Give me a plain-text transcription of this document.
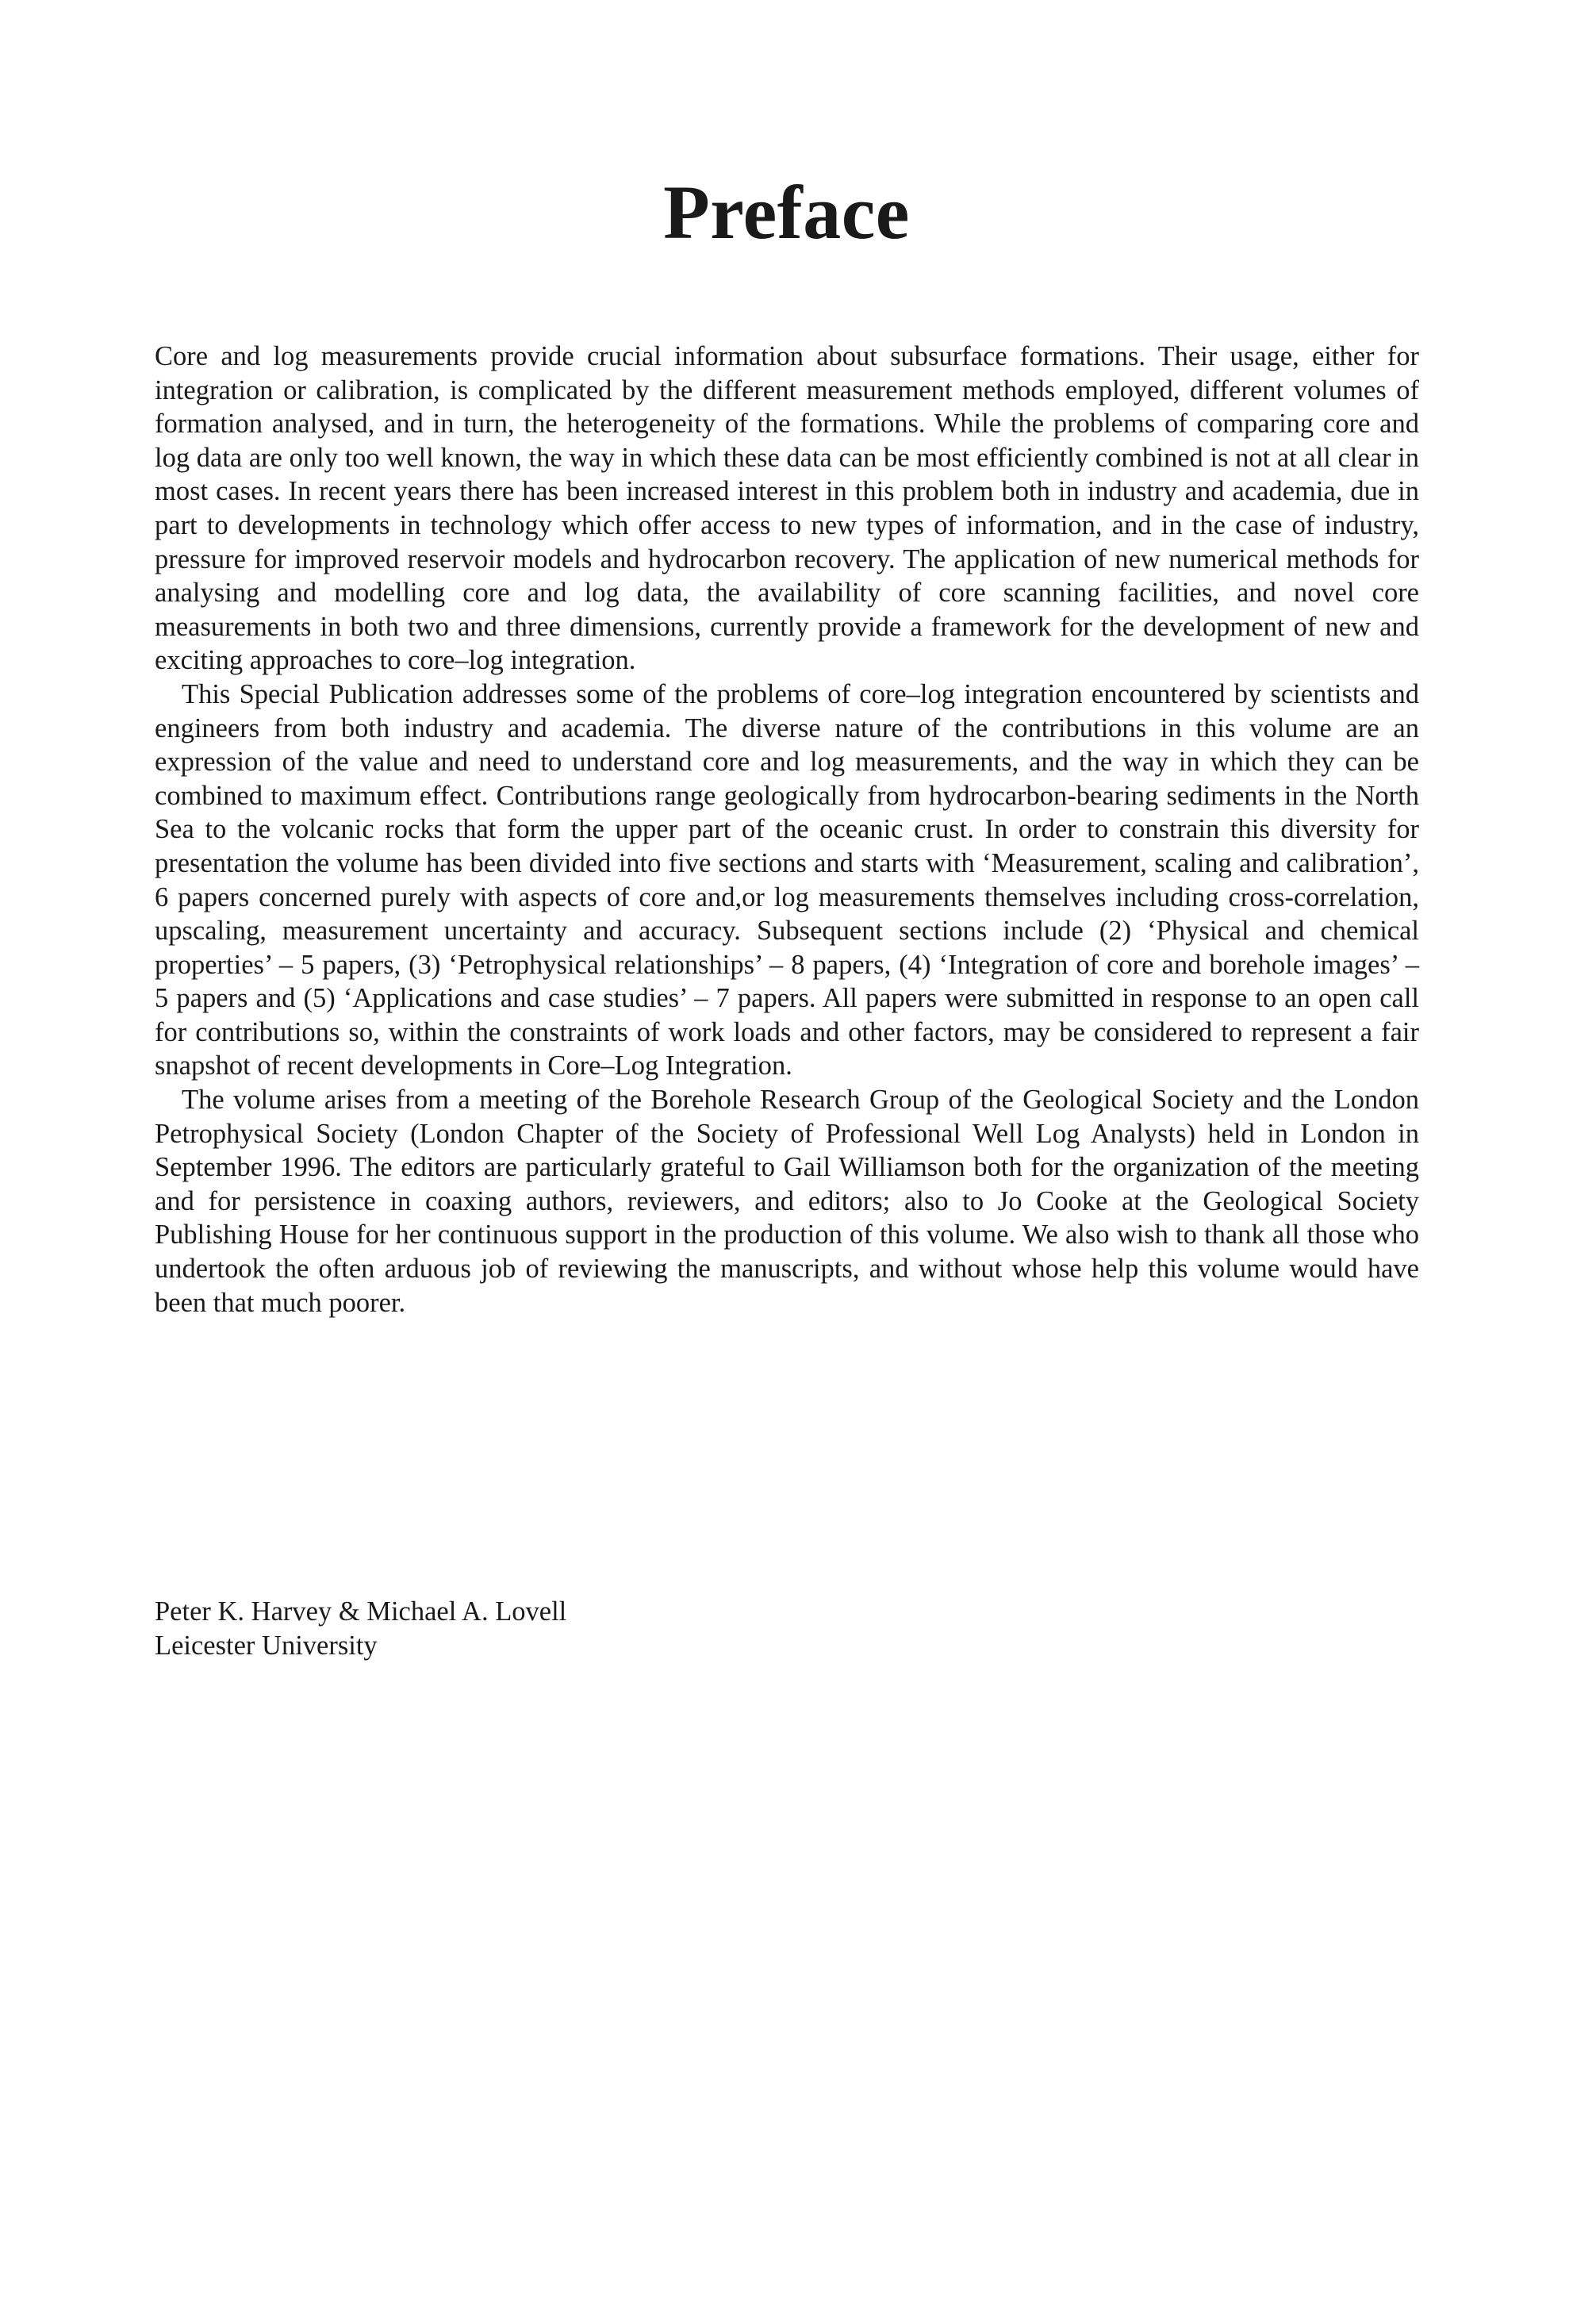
Preface

Core and log measurements provide crucial information about subsurface formations. Their usage, either for integration or calibration, is complicated by the different measurement methods employed, different volumes of formation analysed, and in turn, the heterogeneity of the formations. While the problems of comparing core and log data are only too well known, the way in which these data can be most efficiently combined is not at all clear in most cases. In recent years there has been increased interest in this problem both in industry and academia, due in part to developments in technology which offer access to new types of information, and in the case of industry, pressure for improved reservoir models and hydrocarbon recovery. The application of new numerical methods for analysing and modelling core and log data, the availability of core scanning facilities, and novel core measurements in both two and three dimensions, currently provide a framework for the development of new and exciting approaches to core–log integration.

This Special Publication addresses some of the problems of core–log integration encountered by scientists and engineers from both industry and academia. The diverse nature of the contributions in this volume are an expression of the value and need to understand core and log measurements, and the way in which they can be combined to maximum effect. Contributions range geologically from hydrocarbon-bearing sediments in the North Sea to the volcanic rocks that form the upper part of the oceanic crust. In order to constrain this diversity for presentation the volume has been divided into five sections and starts with ‘Measurement, scaling and calibration’, 6 papers concerned purely with aspects of core and,or log measurements themselves including cross-correlation, upscaling, measurement uncertainty and accuracy. Subsequent sections include (2) ‘Physical and chemical properties’ – 5 papers, (3) ‘Petrophysical relationships’ – 8 papers, (4) ‘Integration of core and borehole images’ – 5 papers and (5) ‘Applications and case studies’ – 7 papers. All papers were submitted in response to an open call for contributions so, within the constraints of work loads and other factors, may be considered to represent a fair snapshot of recent developments in Core–Log Integration.

The volume arises from a meeting of the Borehole Research Group of the Geological Society and the London Petrophysical Society (London Chapter of the Society of Professional Well Log Analysts) held in London in September 1996. The editors are particularly grateful to Gail Williamson both for the organization of the meeting and for persistence in coaxing authors, reviewers, and editors; also to Jo Cooke at the Geological Society Publishing House for her continuous support in the production of this volume. We also wish to thank all those who undertook the often arduous job of reviewing the manuscripts, and without whose help this volume would have been that much poorer.

Peter K. Harvey & Michael A. Lovell
Leicester University
